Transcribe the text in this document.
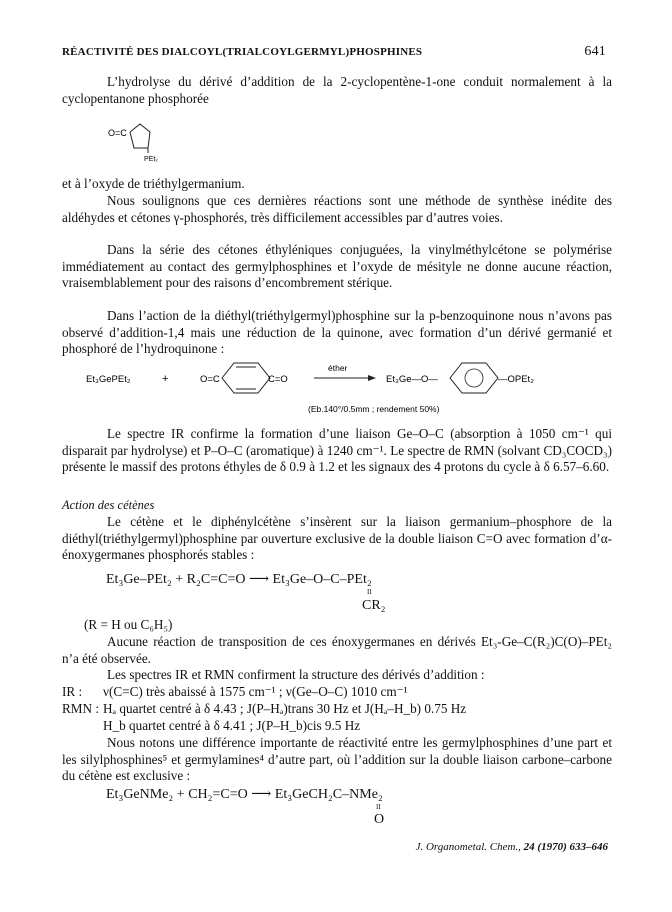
RÉACTIVITÉ DES DIALCOYL(TRIALCOYLGERMYL)PHOSPHINES	641
L’hydrolyse du dérivé d’addition de la 2-cyclopentène-1-one conduit normalement à la cyclopentanone phosphorée
O=C
PEt₂
et à l’oxyde de triéthylgermanium.
Nous soulignons que ces dernières réactions sont une méthode de synthèse inédite des aldéhydes et cétones γ-phosphorés, très difficilement accessibles par d’autres voies.
Dans la série des cétones éthyléniques conjuguées, la vinylméthylcétone se polymérise immédiatement au contact des germylphosphines et l’oxyde de mésityle ne donne aucune réaction, vraisemblablement pour des raisons d’encombrement stérique.
Dans l’action de la diéthyl(triéthylgermyl)phosphine sur la p-benzoquinone nous n’avons pas observé d’addition-1,4 mais une réduction de la quinone, avec formation d’un dérivé germanié et phosphoré de l’hydroquinone :
Et₃GePEt₂	+	O=C	C=O
éther
Et₃Ge—O—	—OPEt₂
(Eb.140°/0.5mm ; rendement 50%)
Le spectre IR confirme la formation d’une liaison Ge–O–C (absorption à 1050 cm⁻¹ qui disparait par hydrolyse) et P–O–C (aromatique) à 1240 cm⁻¹. Le spectre de RMN (solvant CD₃COCD₃) présente le massif des protons éthyles de δ 0.9 à 1.2 et les signaux des 4 protons du cycle à δ 6.57–6.60.
Action des cétènes
Le cétène et le diphénylcétène s’insèrent sur la liaison germanium–phosphore de la diéthyl(triéthylgermyl)phosphine par ouverture exclusive de la double liaison C=O avec formation d’α-énoxygermanes phosphorés stables :
Et₃Ge–PEt₂ + R₂C=C=O ⟶ Et₃Ge–O–C–PEt₂
II
CR₂
(R = H ou C₆H₅)
Aucune réaction de transposition de ces énoxygermanes en dérivés Et₃-Ge–C(R₂)C(O)–PEt₂ n’a été observée.
Les spectres IR et RMN confirment la structure des dérivés d’addition :
IR : ν(C=C) très abaissé à 1575 cm⁻¹ ; ν(Ge–O–C) 1010 cm⁻¹
RMN : Hₐ quartet centré à δ 4.43 ; J(P–Hₐ)trans 30 Hz et J(Hₐ–H_b) 0.75 Hz
H_b quartet centré à δ 4.41 ; J(P–H_b)cis 9.5 Hz
Nous notons une différence importante de réactivité entre les germylphosphines d’une part et les silylphosphines⁵ et germylamines⁴ d’autre part, où l’addition sur la double liaison carbone–carbone du cétène est exclusive :
Et₃GeNMe₂ + CH₂=C=O ⟶ Et₃GeCH₂C–NMe₂
II
O
J. Organometal. Chem., 24 (1970) 633–646
